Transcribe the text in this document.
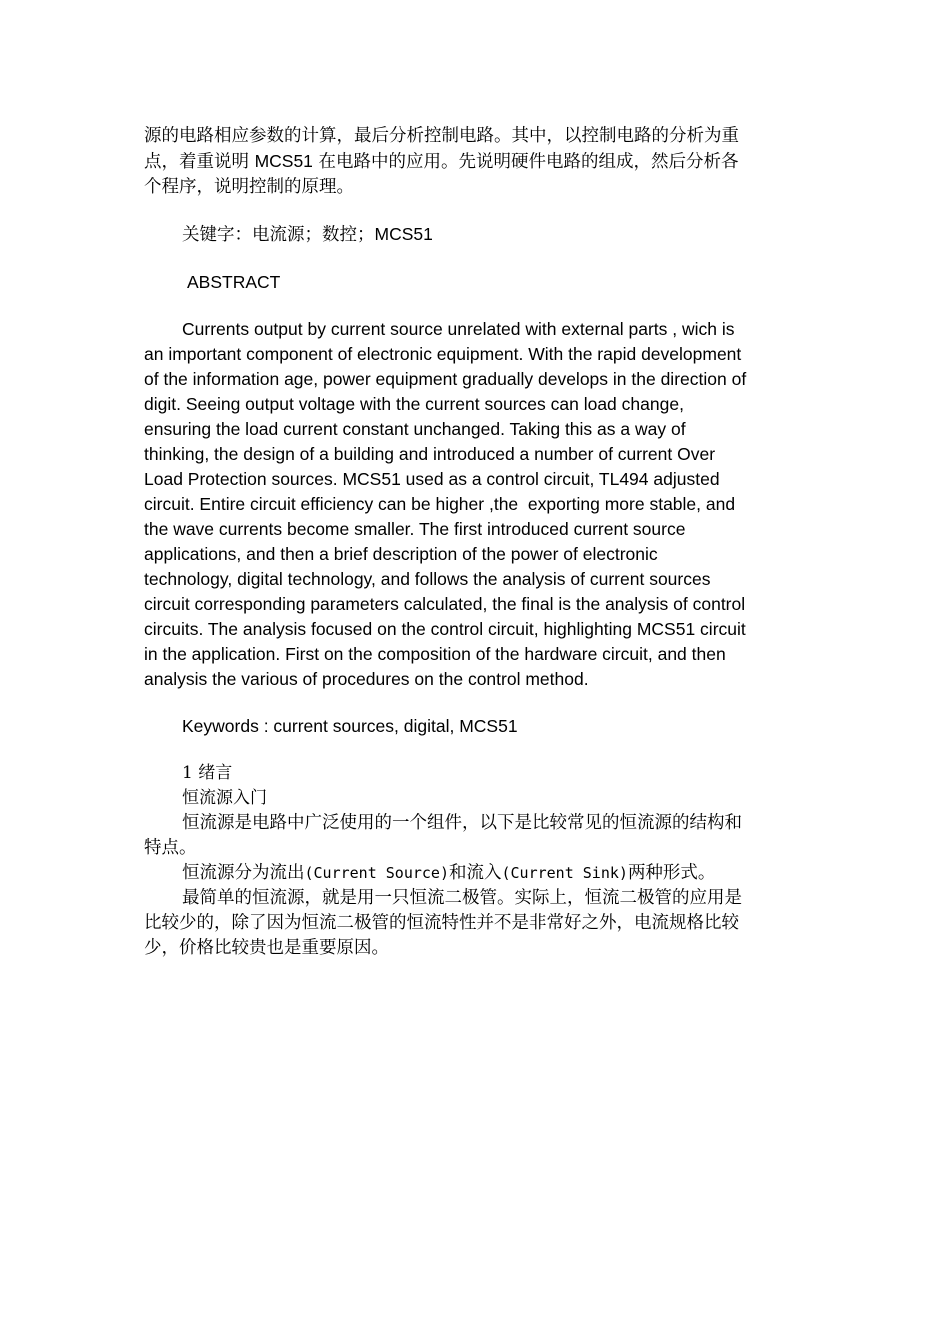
源的电路相应参数的计算，最后分析控制电路。其中，以控制电路的分析为重

点，着重说明 MCS51 在电路中的应用。先说明硬件电路的组成，然后分析各

个程序，说明控制的原理。

关键字：电流源；数控；MCS51

ABSTRACT

Currents output by current source unrelated with external parts , wich is

an important component of electronic equipment. With the rapid development

of the information age, power equipment gradually develops in the direction of

digit. Seeing output voltage with the current sources can load change,

ensuring the load current constant unchanged. Taking this as a way of

thinking, the design of a building and introduced a number of current Over

Load Protection sources. MCS51 used as a control circuit, TL494 adjusted

circuit. Entire circuit efficiency can be higher ,the  exporting more stable, and

the wave currents become smaller. The first introduced current source

applications, and then a brief description of the power of electronic

technology, digital technology, and follows the analysis of current sources

circuit corresponding parameters calculated, the final is the analysis of control

circuits. The analysis focused on the control circuit, highlighting MCS51 circuit

in the application. First on the composition of the hardware circuit, and then

analysis the various of procedures on the control method.

Keywords : current sources, digital, MCS51

1 绪言

恒流源入门

恒流源是电路中广泛使用的一个组件，以下是比较常见的恒流源的结构和

特点。

恒流源分为流出(Current Source)和流入(Current Sink)两种形式。

最简单的恒流源，就是用一只恒流二极管。实际上，恒流二极管的应用是

比较少的，除了因为恒流二极管的恒流特性并不是非常好之外，电流规格比较

少，价格比较贵也是重要原因。
